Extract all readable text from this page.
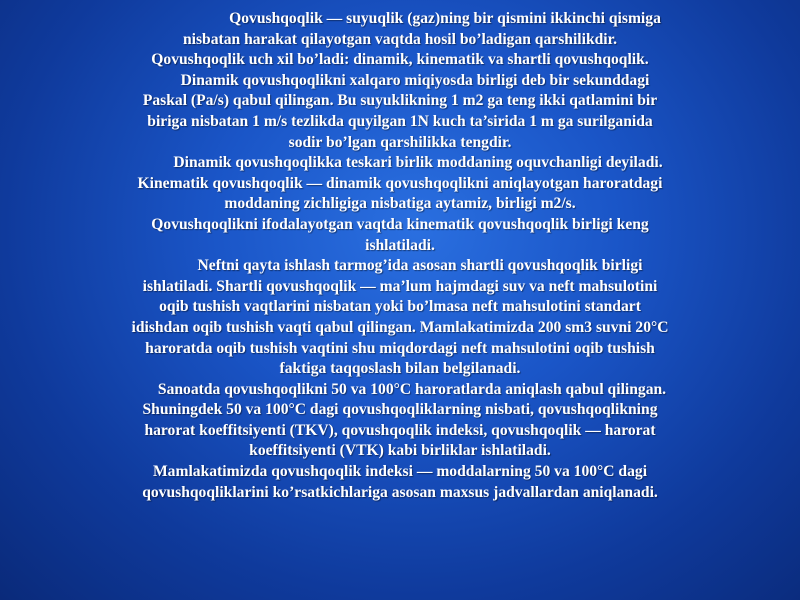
Qovushqoqlik — suyuqlik (gaz)ning bir qismini ikkinchi qismiga
nisbatan harakat qilayotgan vaqtda hosil bo’ladigan qarshilikdir.
Qovushqoqlik uch xil bo’ladi: dinamik, kinematik va shartli qovushqoqlik.
Dinamik qovushqoqlikni xalqaro miqiyosda birligi deb bir sekunddagi
Paskal (Pa/s) qabul qilingan. Bu suyuklikning 1 m2 ga teng ikki qatlamini bir
biriga nisbatan 1 m/s tezlikda quyilgan 1N kuch ta’sirida 1 m ga surilganida
sodir bo’lgan qarshilikka tengdir.
Dinamik qovushqoqlikka teskari birlik moddaning oquvchanligi deyiladi.
Kinematik qovushqoqlik — dinamik qovushqoqlikni aniqlayotgan haroratdagi
moddaning zichligiga nisbatiga aytamiz, birligi m2/s.
Qovushqoqlikni ifodalayotgan vaqtda kinematik qovushqoqlik birligi keng
ishlatiladi.
Neftni qayta ishlash tarmog’ida asosan shartli qovushqoqlik birligi
ishlatiladi. Shartli qovushqoqlik — ma’lum hajmdagi suv va neft mahsulotini
oqib tushish vaqtlarini nisbatan yoki bo’lmasa neft mahsulotini standart
idishdan oqib tushish vaqti qabul qilingan. Mamlakatimizda 200 sm3 suvni 20°C
haroratda oqib tushish vaqtini shu miqdordagi neft mahsulotini oqib tushish
faktiga taqqoslash bilan belgilanadi.
Sanoatda qovushqoqlikni 50 va 100°C haroratlarda aniqlash qabul qilingan.
Shuningdek 50 va 100°C dagi qovushqoqliklarning nisbati, qovushqoqlikning
harorat koeffitsiyenti (TKV), qovushqoqlik indeksi, qovushqoqlik — harorat
koeffitsiyenti (VTK) kabi birliklar ishlatiladi.
Mamlakatimizda qovushqoqlik indeksi — moddalarning 50 va 100°C dagi
qovushqoqliklarini ko’rsatkichlariga asosan maxsus jadvallardan aniqlanadi.
